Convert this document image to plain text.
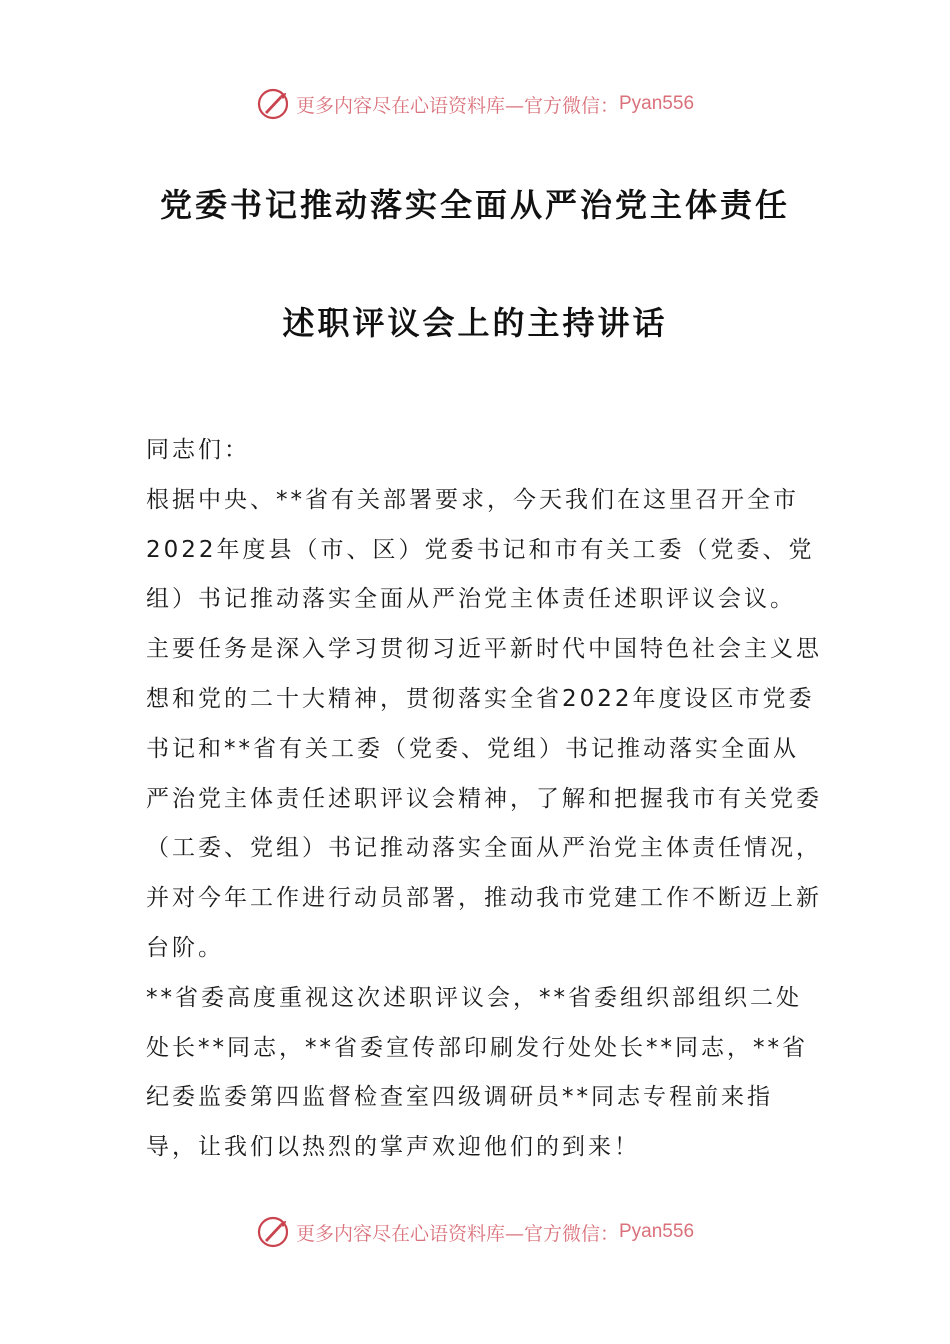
更多内容尽在心语资料库—官方微信： Pyan556
党委书记推动落实全面从严治党主体责任
述职评议会上的主持讲话

同志们：

根据中央、**省有关部署要求，今天我们在这里召开全市2022年度县（市、区）党委书记和市有关工委（党委、党组）书记推动落实全面从严治党主体责任述职评议会议。

主要任务是深入学习贯彻习近平新时代中国特色社会主义思想和党的二十大精神，贯彻落实全省2022年度设区市党委书记和**省有关工委（党委、党组）书记推动落实全面从严治党主体责任述职评议会精神，了解和把握我市有关党委（工委、党组）书记推动落实全面从严治党主体责任情况，并对今年工作进行动员部署，推动我市党建工作不断迈上新台阶。

**省委高度重视这次述职评议会，**省委组织部组织二处处长**同志，**省委宣传部印刷发行处处长**同志，**省纪委监委第四监督检查室四级调研员**同志专程前来指导，让我们以热烈的掌声欢迎他们的到来！

更多内容尽在心语资料库—官方微信： Pyan556
